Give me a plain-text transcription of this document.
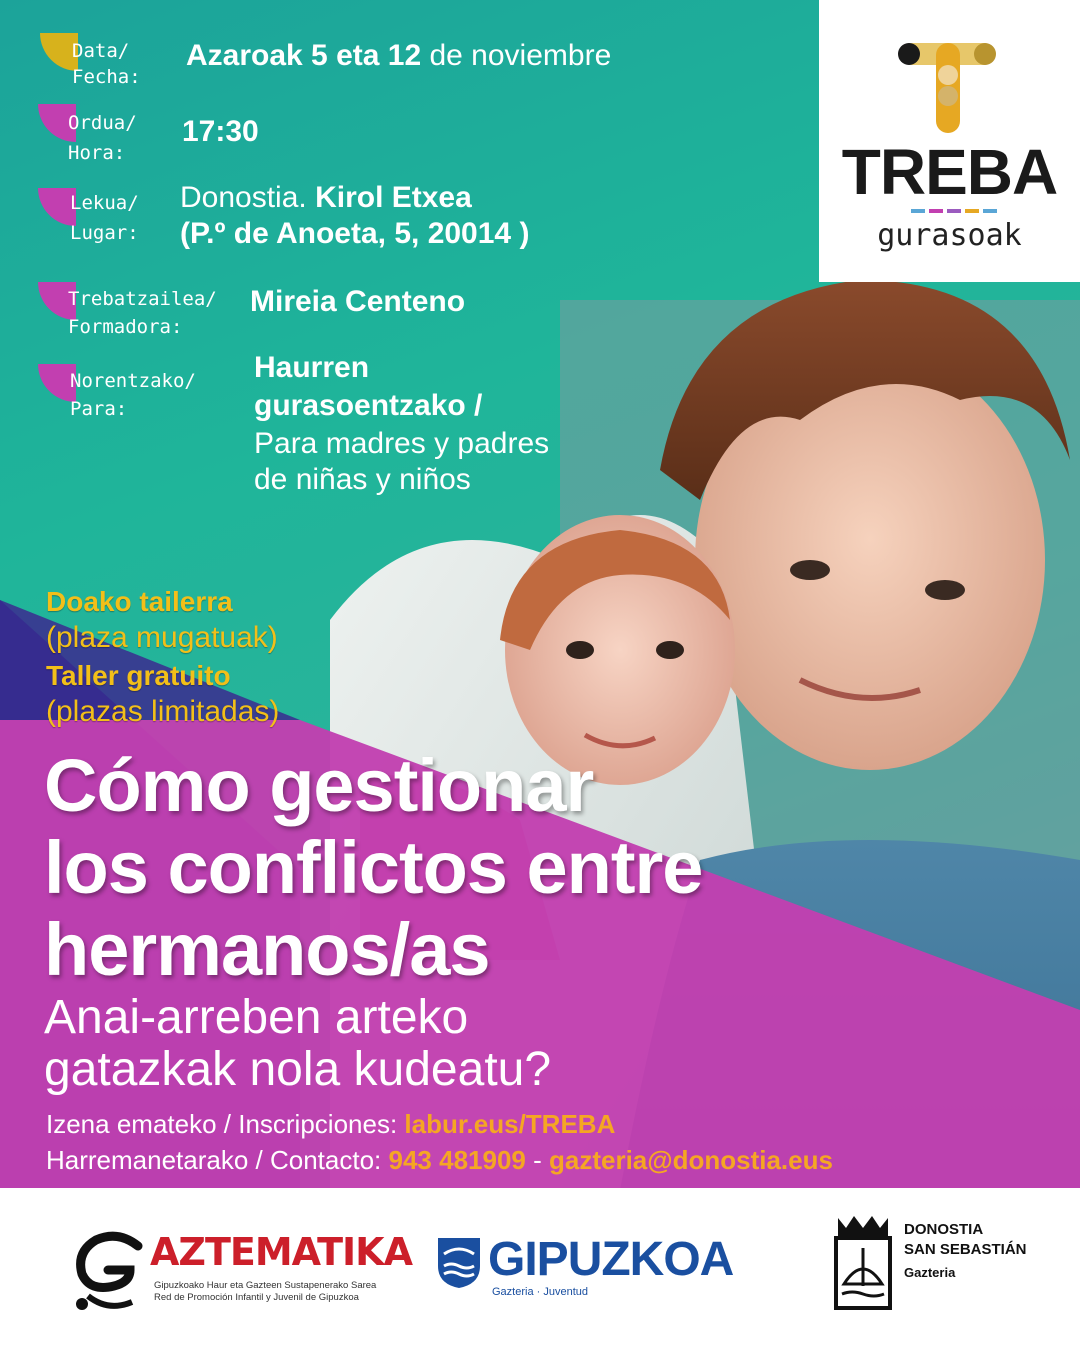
Data/
Fecha:
Azaroak 5 eta 12 de noviembre
Ordua/
Hora:
17:30
Lekua/
Lugar:
Donostia. Kirol Etxea
(P.º de Anoeta, 5, 20014 )
Trebatzailea/
Formadora:
Mireia Centeno
Norentzako/
Para:
Haurren
gurasoentzako /
Para madres y padres
de niñas y niños
TREBA
gurasoak
Doako tailerra
(plaza mugatuak)
Taller gratuito
(plazas limitadas)
Cómo gestionar
los conflictos entre
hermanos/as
Anai-arreben arteko
gatazkak nola kudeatu?
Izena emateko / Inscripciones: labur.eus/TREBA
Harremanetarako / Contacto: 943 481909 - gazteria@donostia.eus
AZTEMATIKA
Gipuzkoako Haur eta Gazteen Sustapenerako Sarea
Red de Promoción Infantil y Juvenil de Gipuzkoa
GIPUZKOA
Gazteria · Juventud
DONOSTIA
SAN SEBASTIÁN
Gazteria
